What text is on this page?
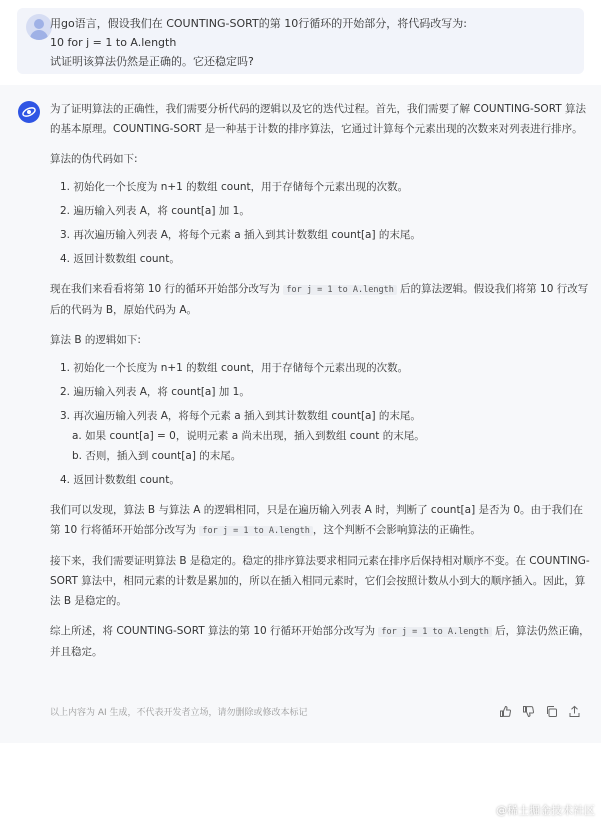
用go语言，假设我们在 COUNTING-SORT的第 10行循环的开始部分，将代码改写为:
10 for j = 1 to A.length
试证明该算法仍然是正确的。它还稳定吗?

为了证明算法的正确性，我们需要分析代码的逻辑以及它的迭代过程。首先，我们需要了解 COUNTING-SORT 算法的基本原理。COUNTING-SORT 是一种基于计数的排序算法，它通过计算每个元素出现的次数来对列表进行排序。

算法的伪代码如下:

1. 初始化一个长度为 n+1 的数组 count，用于存储每个元素出现的次数。
2. 遍历输入列表 A，将 count[a] 加 1。
3. 再次遍历输入列表 A，将每个元素 a 插入到其计数数组 count[a] 的末尾。
4. 返回计数数组 count。

现在我们来看看将第 10 行的循环开始部分改写为 for j = 1 to A.length 后的算法逻辑。假设我们将第 10 行改写后的代码为 B，原始代码为 A。

算法 B 的逻辑如下:

1. 初始化一个长度为 n+1 的数组 count，用于存储每个元素出现的次数。
2. 遍历输入列表 A，将 count[a] 加 1。
3. 再次遍历输入列表 A，将每个元素 a 插入到其计数数组 count[a] 的末尾。
a. 如果 count[a] = 0，说明元素 a 尚未出现，插入到数组 count 的末尾。
b. 否则，插入到 count[a] 的末尾。
4. 返回计数数组 count。

我们可以发现，算法 B 与算法 A 的逻辑相同，只是在遍历输入列表 A 时，判断了 count[a] 是否为 0。由于我们在第 10 行将循环开始部分改写为 for j = 1 to A.length ，这个判断不会影响算法的正确性。

接下来，我们需要证明算法 B 是稳定的。稳定的排序算法要求相同元素在排序后保持相对顺序不变。在 COUNTING-SORT 算法中，相同元素的计数是累加的，所以在插入相同元素时，它们会按照计数从小到大的顺序插入。因此，算法 B 是稳定的。

综上所述，将 COUNTING-SORT 算法的第 10 行循环开始部分改写为 for j = 1 to A.length 后，算法仍然正确，并且稳定。

以上内容为 AI 生成，不代表开发者立场，请勿删除或修改本标记
@稀土掘金技术社区
